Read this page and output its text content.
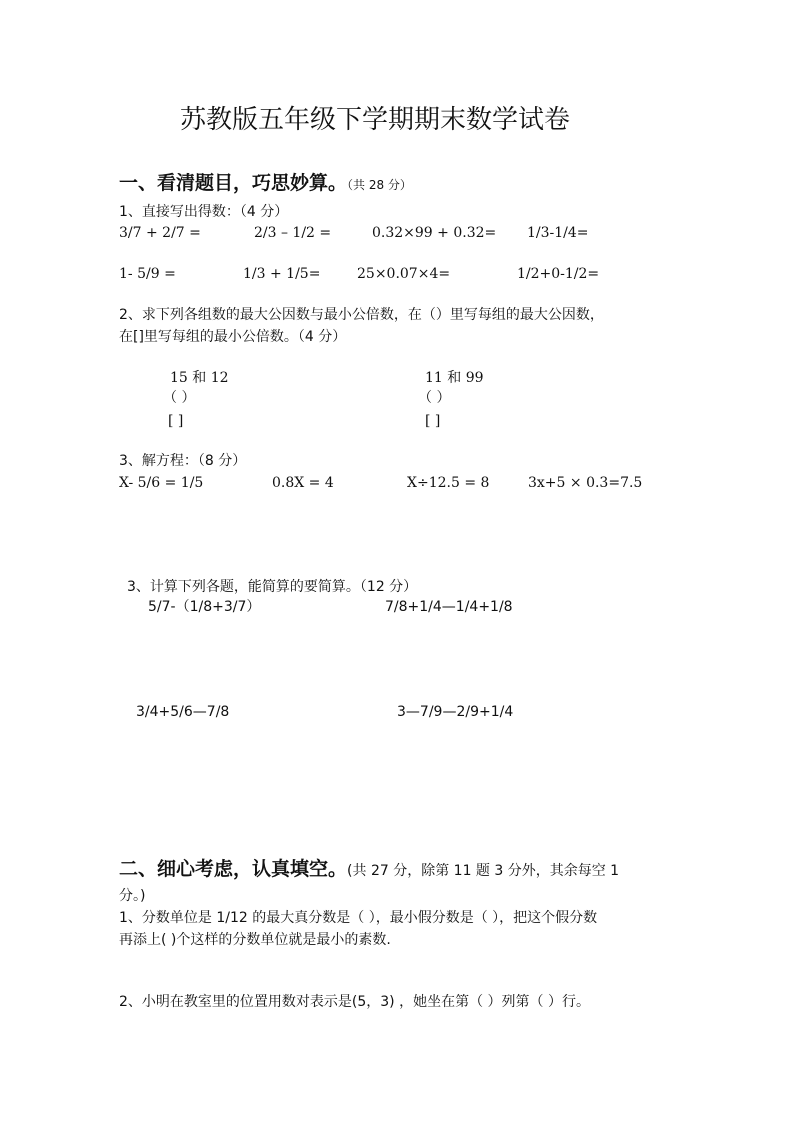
苏教版五年级下学期期末数学试卷
一、看清题目，巧思妙算。（共 28 分）
1、直接写出得数：（4 分）
3/7 + 2/7 =	2/3 – 1/2 =	0.32×99 + 0.32= 1/3-1/4=
1- 5/9 =	1/3 + 1/5=	25×0.07×4=	1/2+0-1/2=
2、求下列各组数的最大公因数与最小公倍数，在（）里写每组的最大公因数，
在[]里写每组的最小公倍数。（4 分）
15 和 12
（ ）
[ ]
11 和 99
（ ）
[ ]
3、解方程：（8 分）
X- 5/6 = 1/5	0.8X = 4	X÷12.5 = 8	3x+5 × 0.3=7.5
3、计算下列各题，能简算的要简算。（12 分）
5/7-（1/8+3/7）	7/8+1/4—1/4+1/8
3/4+5/6—7/8	3—7/9—2/9+1/4
二、细心考虑，认真填空。(共 27 分，除第 11 题 3 分外，其余每空 1
分。)
1、分数单位是 1/12 的最大真分数是（ ），最小假分数是（ ），把这个假分数
再添上( )个这样的分数单位就是最小的素数.
2、小明在教室里的位置用数对表示是(5，3) ，她坐在第（ ）列第（ ）行。
